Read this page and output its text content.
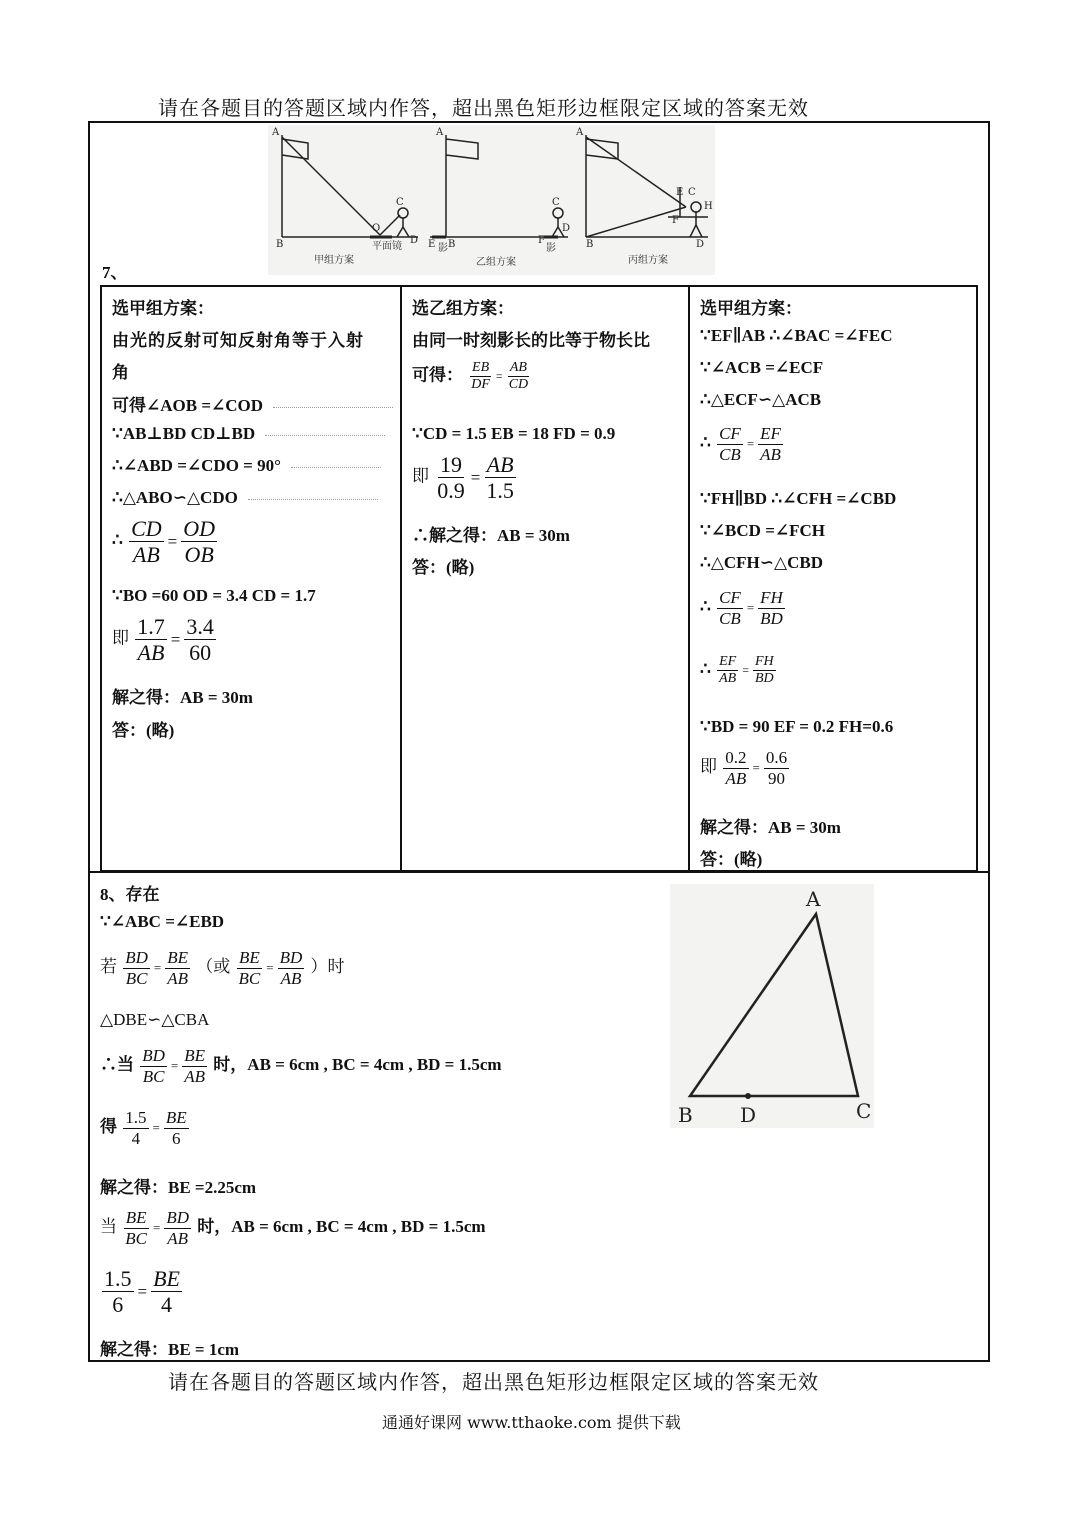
请在各题目的答题区域内作答，超出黑色矩形边框限定区域的答案无效
A
B
O
C
D
A
E B
C
F
D
A
B
E C
F
H
D
甲组方案
平面镜	影	影
乙组方案	丙组方案
7、
选甲组方案：
由光的反射可知反射角等于入射
角
可得∠AOB =∠COD
∵AB⊥BD CD⊥BD
∴∠ABD =∠CDO = 90°
∴△ABO∽△CDO
∴ $\frac{CD}{AB} = \frac{OD}{OB}$
∵BO =60 OD = 3.4 CD = 1.7
即 $\frac{1.7}{AB} = \frac{3.4}{60}$
解之得：AB = 30m
答：(略)
选乙组方案：
由同一时刻影长的比等于物长比
可得： $\frac{EB}{DF} = \frac{AB}{CD}$
∵CD = 1.5 EB = 18 FD = 0.9
即 $\frac{19}{0.9} = \frac{AB}{1.5}$
∴解之得：AB = 30m
答：(略)
选甲组方案：
∵EF∥AB ∴∠BAC =∠FEC
∵∠ACB =∠ECF
∴△ECF∽△ACB
∴ $\frac{CF}{CB} = \frac{EF}{AB}$
∵FH∥BD ∴∠CFH =∠CBD
∵∠BCD =∠FCH
∴△CFH∽△CBD
∴ $\frac{CF}{CB} = \frac{FH}{BD}$
∴ $\frac{EF}{AB} = \frac{FH}{BD}$
∵BD = 90 EF = 0.2 FH=0.6
即 $\frac{0.2}{AB} = \frac{0.6}{90}$
解之得：AB = 30m
答：(略)
8、存在
∵∠ABC =∠EBD
若 $\frac{BD}{BC} = \frac{BE}{AB}$ （或 $\frac{BE}{BC} = \frac{BD}{AB}$ ）时
△DBE∽△CBA
∴当 $\frac{BD}{BC} = \frac{BE}{AB}$ 时，AB = 6cm , BC = 4cm , BD = 1.5cm
得 $\frac{1.5}{4} = \frac{BE}{6}$
解之得：BE =2.25cm
当 $\frac{BE}{BC} = \frac{BD}{AB}$ 时，AB = 6cm , BC = 4cm , BD = 1.5cm
$\frac{1.5}{6} = \frac{BE}{4}$
解之得：BE = 1cm
A
B D	C
请在各题目的答题区域内作答，超出黑色矩形边框限定区域的答案无效
通通好课网 www.tthaoke.com 提供下载
